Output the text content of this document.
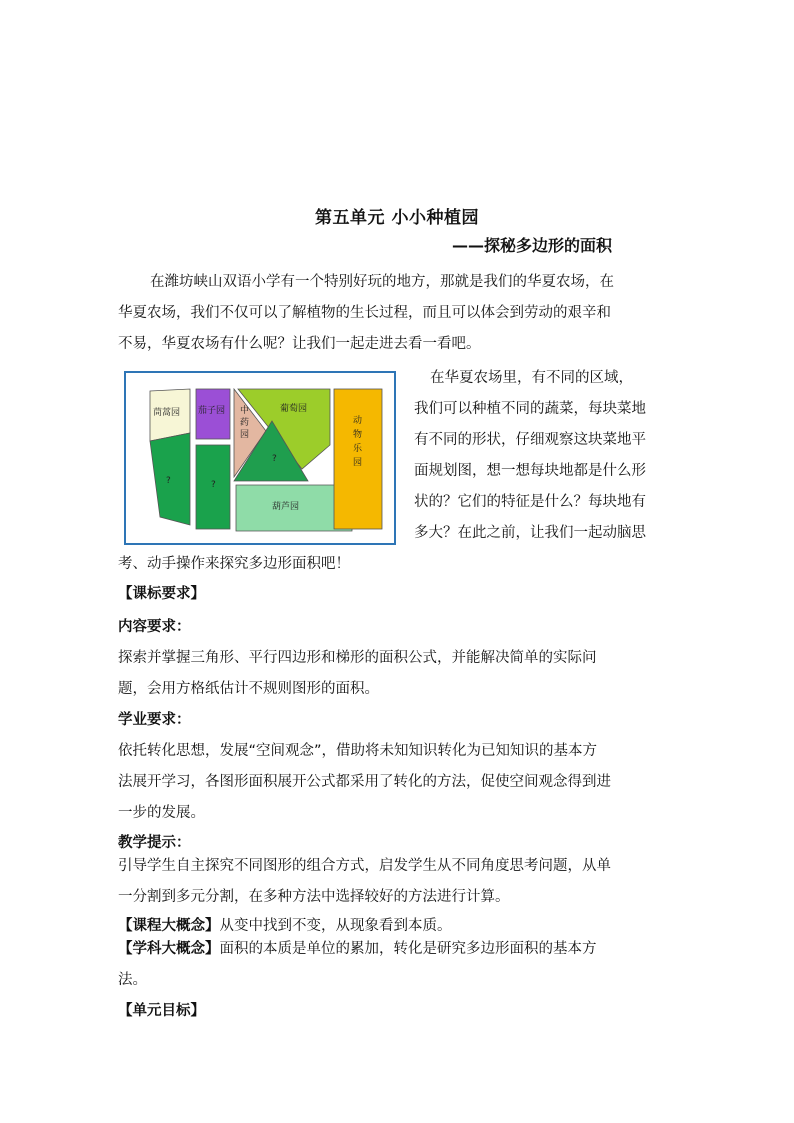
第五单元 小小种植园
——探秘多边形的面积
在潍坊峡山双语小学有一个特别好玩的地方，那就是我们的华夏农场，在
华夏农场，我们不仅可以了解植物的生长过程，而且可以体会到劳动的艰辛和
不易，华夏农场有什么呢？让我们一起走进去看一看吧。
茼蒿园 茄子园 中
药
园
葡萄园
动
物
乐
园
葫芦园
?	?
?
在华夏农场里，有不同的区域，
我们可以种植不同的蔬菜，每块菜地
有不同的形状，仔细观察这块菜地平
面规划图，想一想每块地都是什么形
状的？它们的特征是什么？每块地有
多大？在此之前，让我们一起动脑思
考、动手操作来探究多边形面积吧！
【课标要求】
内容要求：
探索并掌握三角形、平行四边形和梯形的面积公式，并能解决简单的实际问
题，会用方格纸估计不规则图形的面积。
学业要求：
依托转化思想，发展“空间观念”，借助将未知知识转化为已知知识的基本方
法展开学习，各图形面积展开公式都采用了转化的方法，促使空间观念得到进
一步的发展。
教学提示：
引导学生自主探究不同图形的组合方式，启发学生从不同角度思考问题，从单
一分割到多元分割，在多种方法中选择较好的方法进行计算。
【课程大概念】从变中找到不变，从现象看到本质。
【学科大概念】面积的本质是单位的累加，转化是研究多边形面积的基本方
法。
【单元目标】
